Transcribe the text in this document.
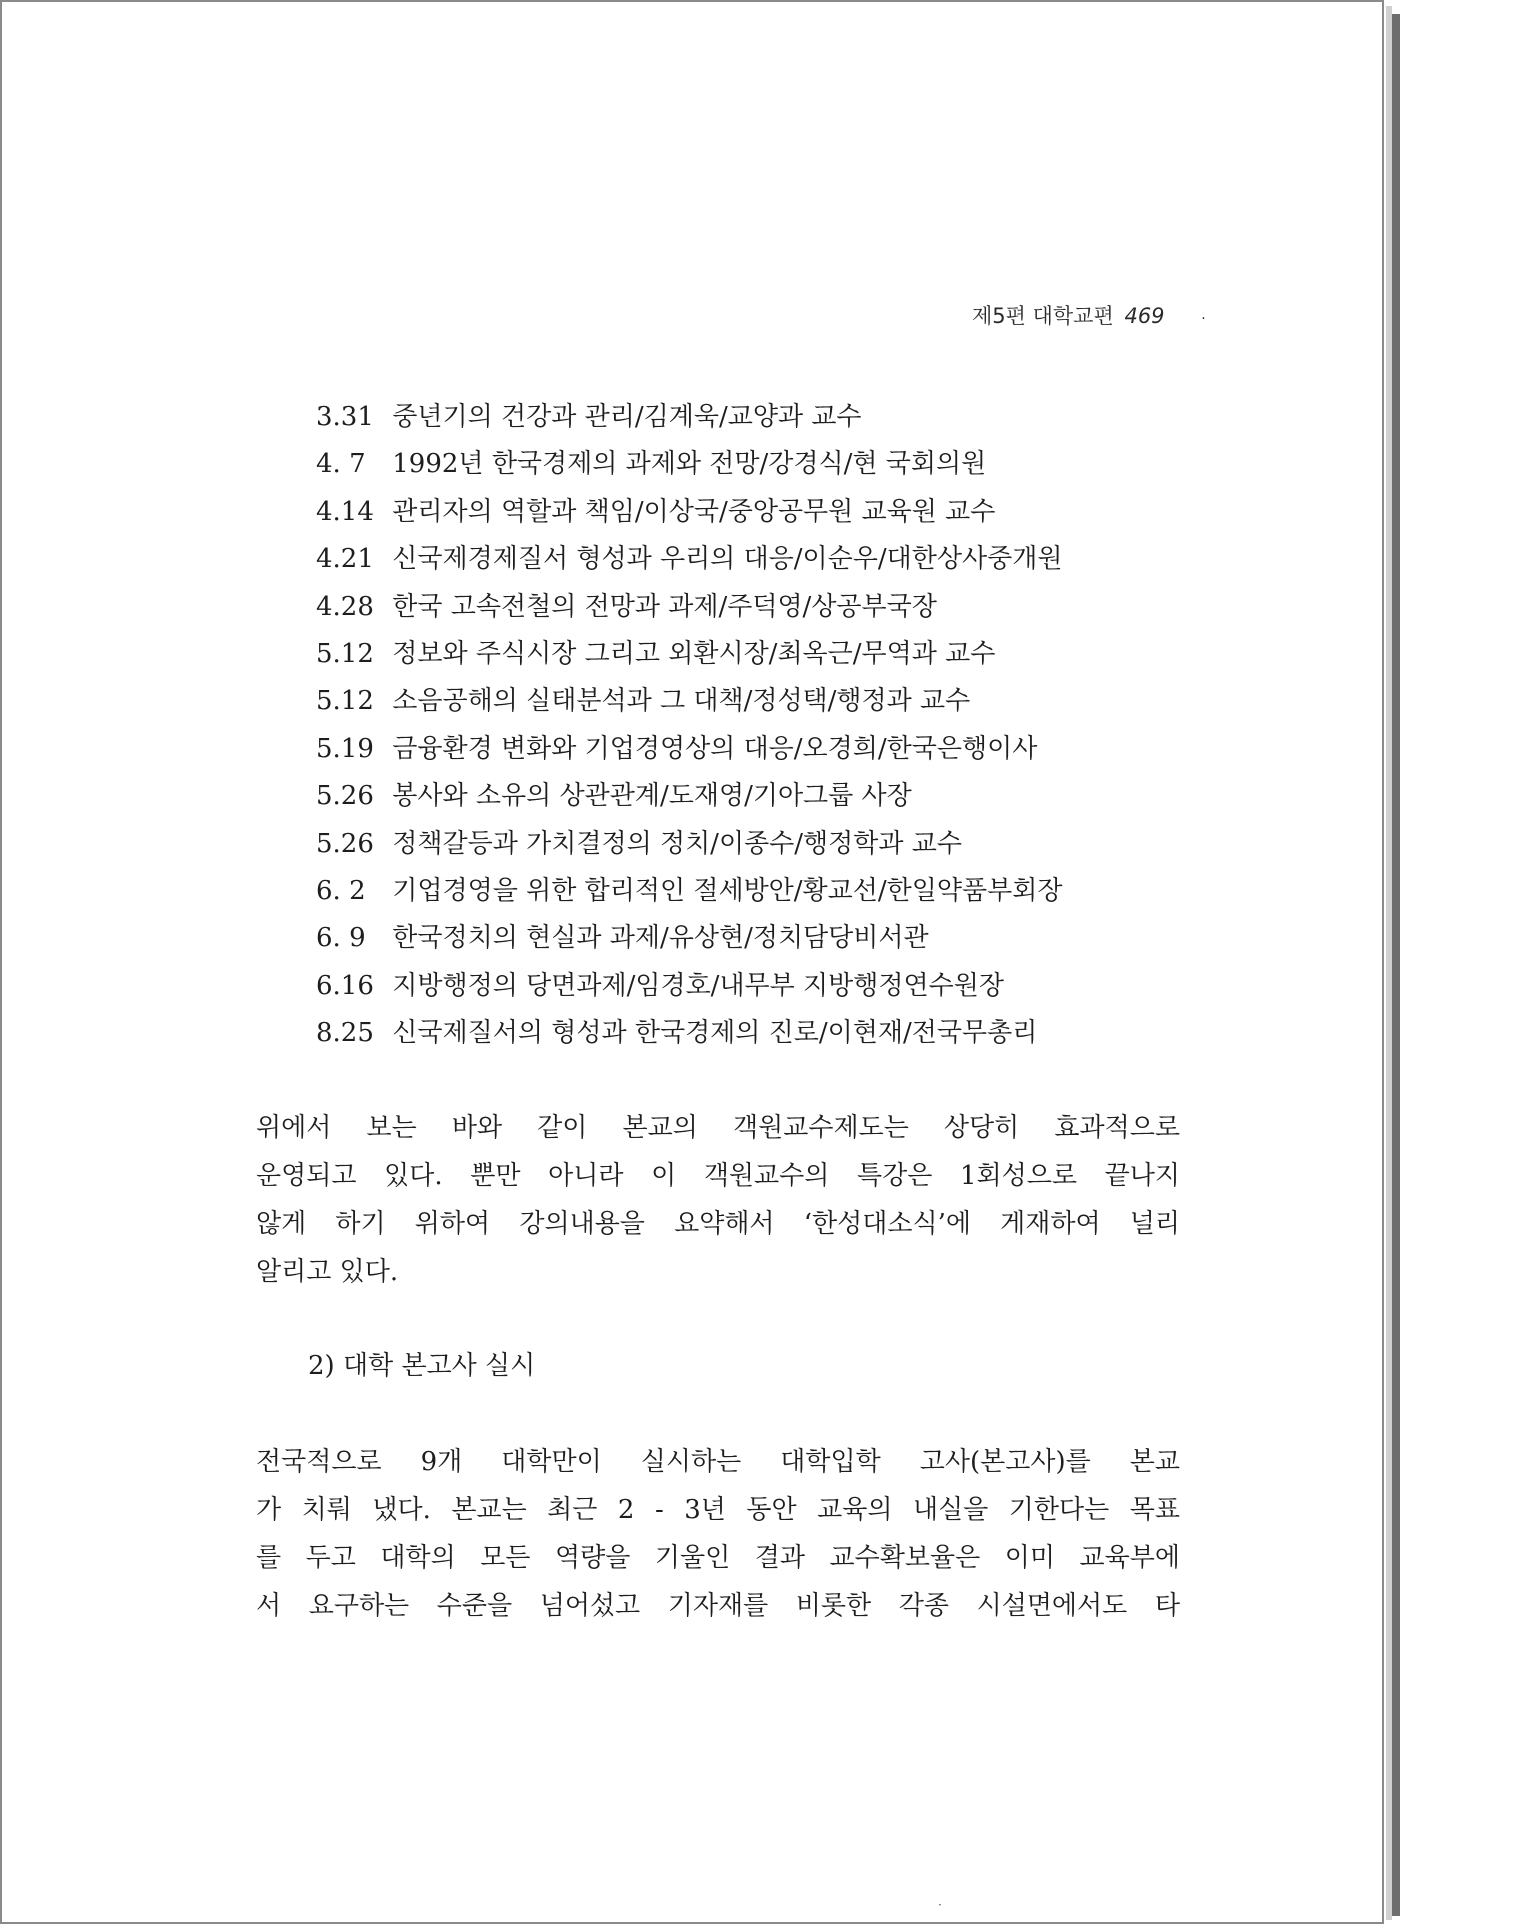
제5편 대학교편 469	·
3.31 중년기의 건강과 관리/김계욱/교양과 교수
4. 7 1992년 한국경제의 과제와 전망/강경식/현 국회의원
4.14 관리자의 역할과 책임/이상국/중앙공무원 교육원 교수
4.21 신국제경제질서 형성과 우리의 대응/이순우/대한상사중개원
4.28 한국 고속전철의 전망과 과제/주덕영/상공부국장
5.12 정보와 주식시장 그리고 외환시장/최옥근/무역과 교수
5.12 소음공해의 실태분석과 그 대책/정성택/행정과 교수
5.19 금융환경 변화와 기업경영상의 대응/오경희/한국은행이사
5.26 봉사와 소유의 상관관계/도재영/기아그룹 사장
5.26 정책갈등과 가치결정의 정치/이종수/행정학과 교수
6. 2 기업경영을 위한 합리적인 절세방안/황교선/한일약품부회장
6. 9 한국정치의 현실과 과제/유상현/정치담당비서관
6.16 지방행정의 당면과제/임경호/내무부 지방행정연수원장
8.25 신국제질서의 형성과 한국경제의 진로/이현재/전국무총리

위에서 보는 바와 같이 본교의 객원교수제도는 상당히 효과적으로
운영되고 있다. 뿐만 아니라 이 객원교수의 특강은 1회성으로 끝나지
않게 하기 위하여 강의내용을 요약해서 ‘한성대소식’에 게재하여 널리
알리고 있다.

2) 대학 본고사 실시

전국적으로 9개 대학만이 실시하는 대학입학 고사(본고사)를 본교
가 치뤄 냈다. 본교는 최근 2 - 3년 동안 교육의 내실을 기한다는 목표
를 두고 대학의 모든 역량을 기울인 결과 교수확보율은 이미 교육부에
서 요구하는 수준을 넘어섰고 기자재를 비롯한 각종 시설면에서도 타

·
